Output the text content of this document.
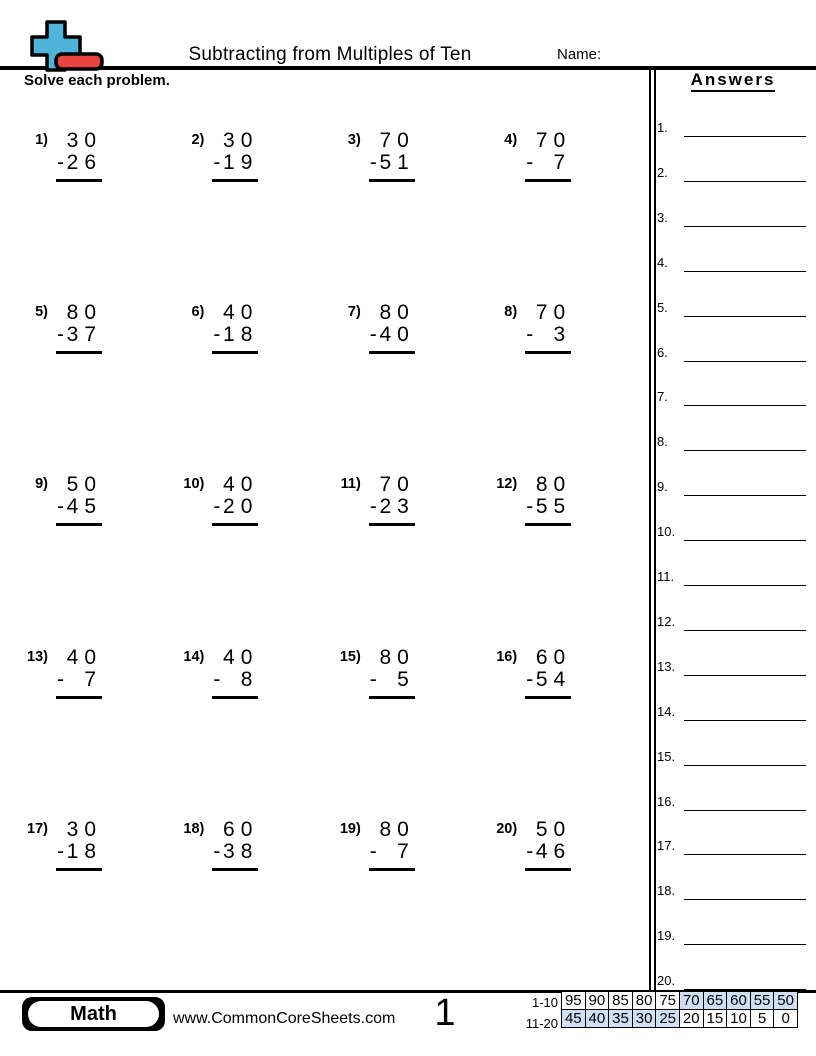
Subtracting from Multiples of Ten	Name:
Solve each problem.	Answers
1.
2.
3.
4.
5.
6.
7.
8.
9.
10.
11.
12.
13.
14.
15.
16.
17.
18.
19.
20.
1) 30
26
-
2) 30
19
-
3) 70
51
-
4) 70
7
-
5) 80
37
-
6) 40
18
-
7) 80
40
-
8) 70
3
-
9) 50
45
-
10) 40
20
-
11) 70
23
-
12) 80
55
-
13) 40
7
-
14) 40
8
-
15) 80
5
-
16) 60
54
-
17) 30
18
-
18) 60
38
-
19) 80
7
-
20) 50
46
-
Math	www.CommonCoreSheets.com	1	1-10
11-20
95	90	85	80	75	70	65	60	55	50
45	40	35	30	25	20	15	10	5	0
